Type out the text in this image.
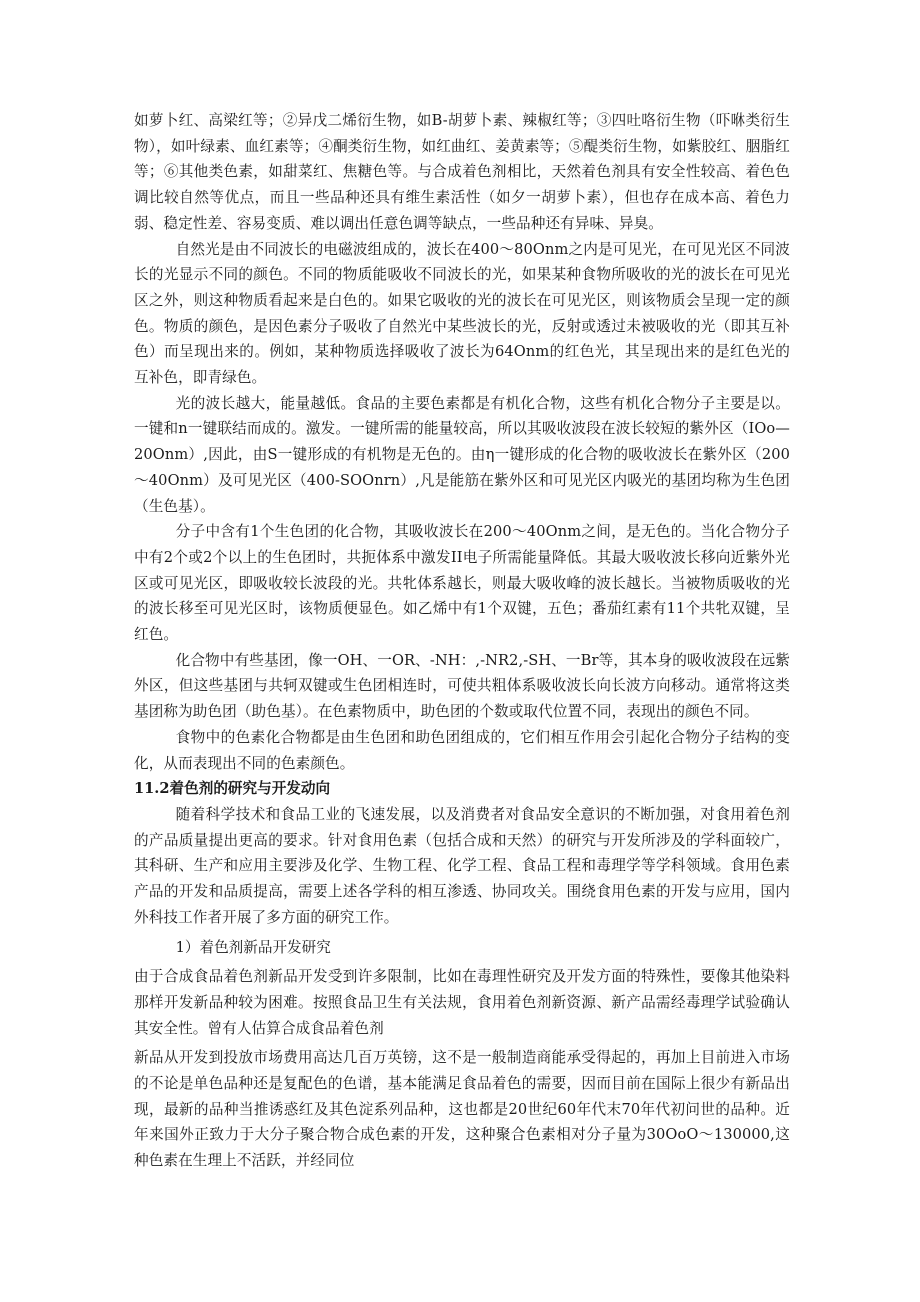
如萝卜红、高梁红等；②异戊二烯衍生物，如B-胡萝卜素、辣椒红等；③四吐咯衍生物（吓咻类衍生物），如叶绿素、血红素等；④酮类衍生物，如红曲红、姜黄素等；⑤醍类衍生物，如紫胶红、胭脂红等；⑥其他类色素，如甜菜红、焦糖色等。与合成着色剂相比，天然着色剂具有安全性较高、着色色调比较自然等优点，而且一些品种还具有维生素活性（如夕一胡萝卜素），但也存在成本高、着色力弱、稳定性差、容易变质、难以调出任意色调等缺点，一些品种还有异味、异臭。

自然光是由不同波长的电磁波组成的，波长在400～80Onm之内是可见光，在可见光区不同波长的光显示不同的颜色。不同的物质能吸收不同波长的光，如果某种食物所吸收的光的波长在可见光区之外，则这种物质看起来是白色的。如果它吸收的光的波长在可见光区，则该物质会呈现一定的颜色。物质的颜色，是因色素分子吸收了自然光中某些波长的光，反射或透过未被吸收的光（即其互补色）而呈现出来的。例如，某种物质选择吸收了波长为64Onm的红色光，其呈现出来的是红色光的互补色，即青绿色。

光的波长越大，能量越低。食品的主要色素都是有机化合物，这些有机化合物分子主要是以。一键和n一键联结而成的。激发。一键所需的能量较高，所以其吸收波段在波长较短的紫外区（IOo—20Onm）,因此，由S一键形成的有机物是无色的。由η一键形成的化合物的吸收波长在紫外区（200～40Onm）及可见光区（400-SOOnrn）,凡是能筋在紫外区和可见光区内吸光的基团均称为生色团（生色基）。

分子中含有1个生色团的化合物，其吸收波长在200～40Onm之间，是无色的。当化合物分子中有2个或2个以上的生色团时，共扼体系中激发II电子所需能量降低。其最大吸收波长移向近紫外光区或可见光区，即吸收较长波段的光。共牝体系越长，则最大吸收峰的波长越长。当被物质吸收的光的波长移至可见光区时，该物质便显色。如乙烯中有1个双键，五色；番茄红素有11个共牝双键，呈红色。

化合物中有些基团，像一OH、一OR、-NH：,-NR2,-SH、一Br等，其本身的吸收波段在远紫外区，但这些基团与共轲双键或生色团相连时，可使共粗体系吸收波长向长波方向移动。通常将这类基团称为助色团（助色基）。在色素物质中，助色团的个数或取代位置不同，表现出的颜色不同。

食物中的色素化合物都是由生色团和助色团组成的，它们相互作用会引起化合物分子结构的变化，从而表现出不同的色素颜色。

11.2着色剂的研究与开发动向

随着科学技术和食品工业的飞速发展，以及消费者对食品安全意识的不断加强，对食用着色剂的产品质量提出更高的要求。针对食用色素（包括合成和天然）的研究与开发所涉及的学科面较广，其科研、生产和应用主要涉及化学、生物工程、化学工程、食品工程和毒理学等学科领域。食用色素产品的开发和品质提高，需要上述各学科的相互渗透、协同攻关。围绕食用色素的开发与应用，国内外科技工作者开展了多方面的研究工作。

1）着色剂新品开发研究

由于合成食品着色剂新品开发受到许多限制，比如在毒理性研究及开发方面的特殊性，要像其他染料那样开发新品种较为困难。按照食品卫生有关法规，食用着色剂新资源、新产品需经毒理学试验确认其安全性。曾有人估算合成食品着色剂

新品从开发到投放市场费用高达几百万英镑，这不是一般制造商能承受得起的，再加上目前进入市场的不论是单色品种还是复配色的色谱，基本能满足食品着色的需要，因而目前在国际上很少有新品出现，最新的品种当推诱惑红及其色淀系列品种，这也都是20世纪60年代末70年代初问世的品种。近年来国外正致力于大分子聚合物合成色素的开发，这种聚合色素相对分子量为30OoO～130000,这种色素在生理上不活跃，并经同位
